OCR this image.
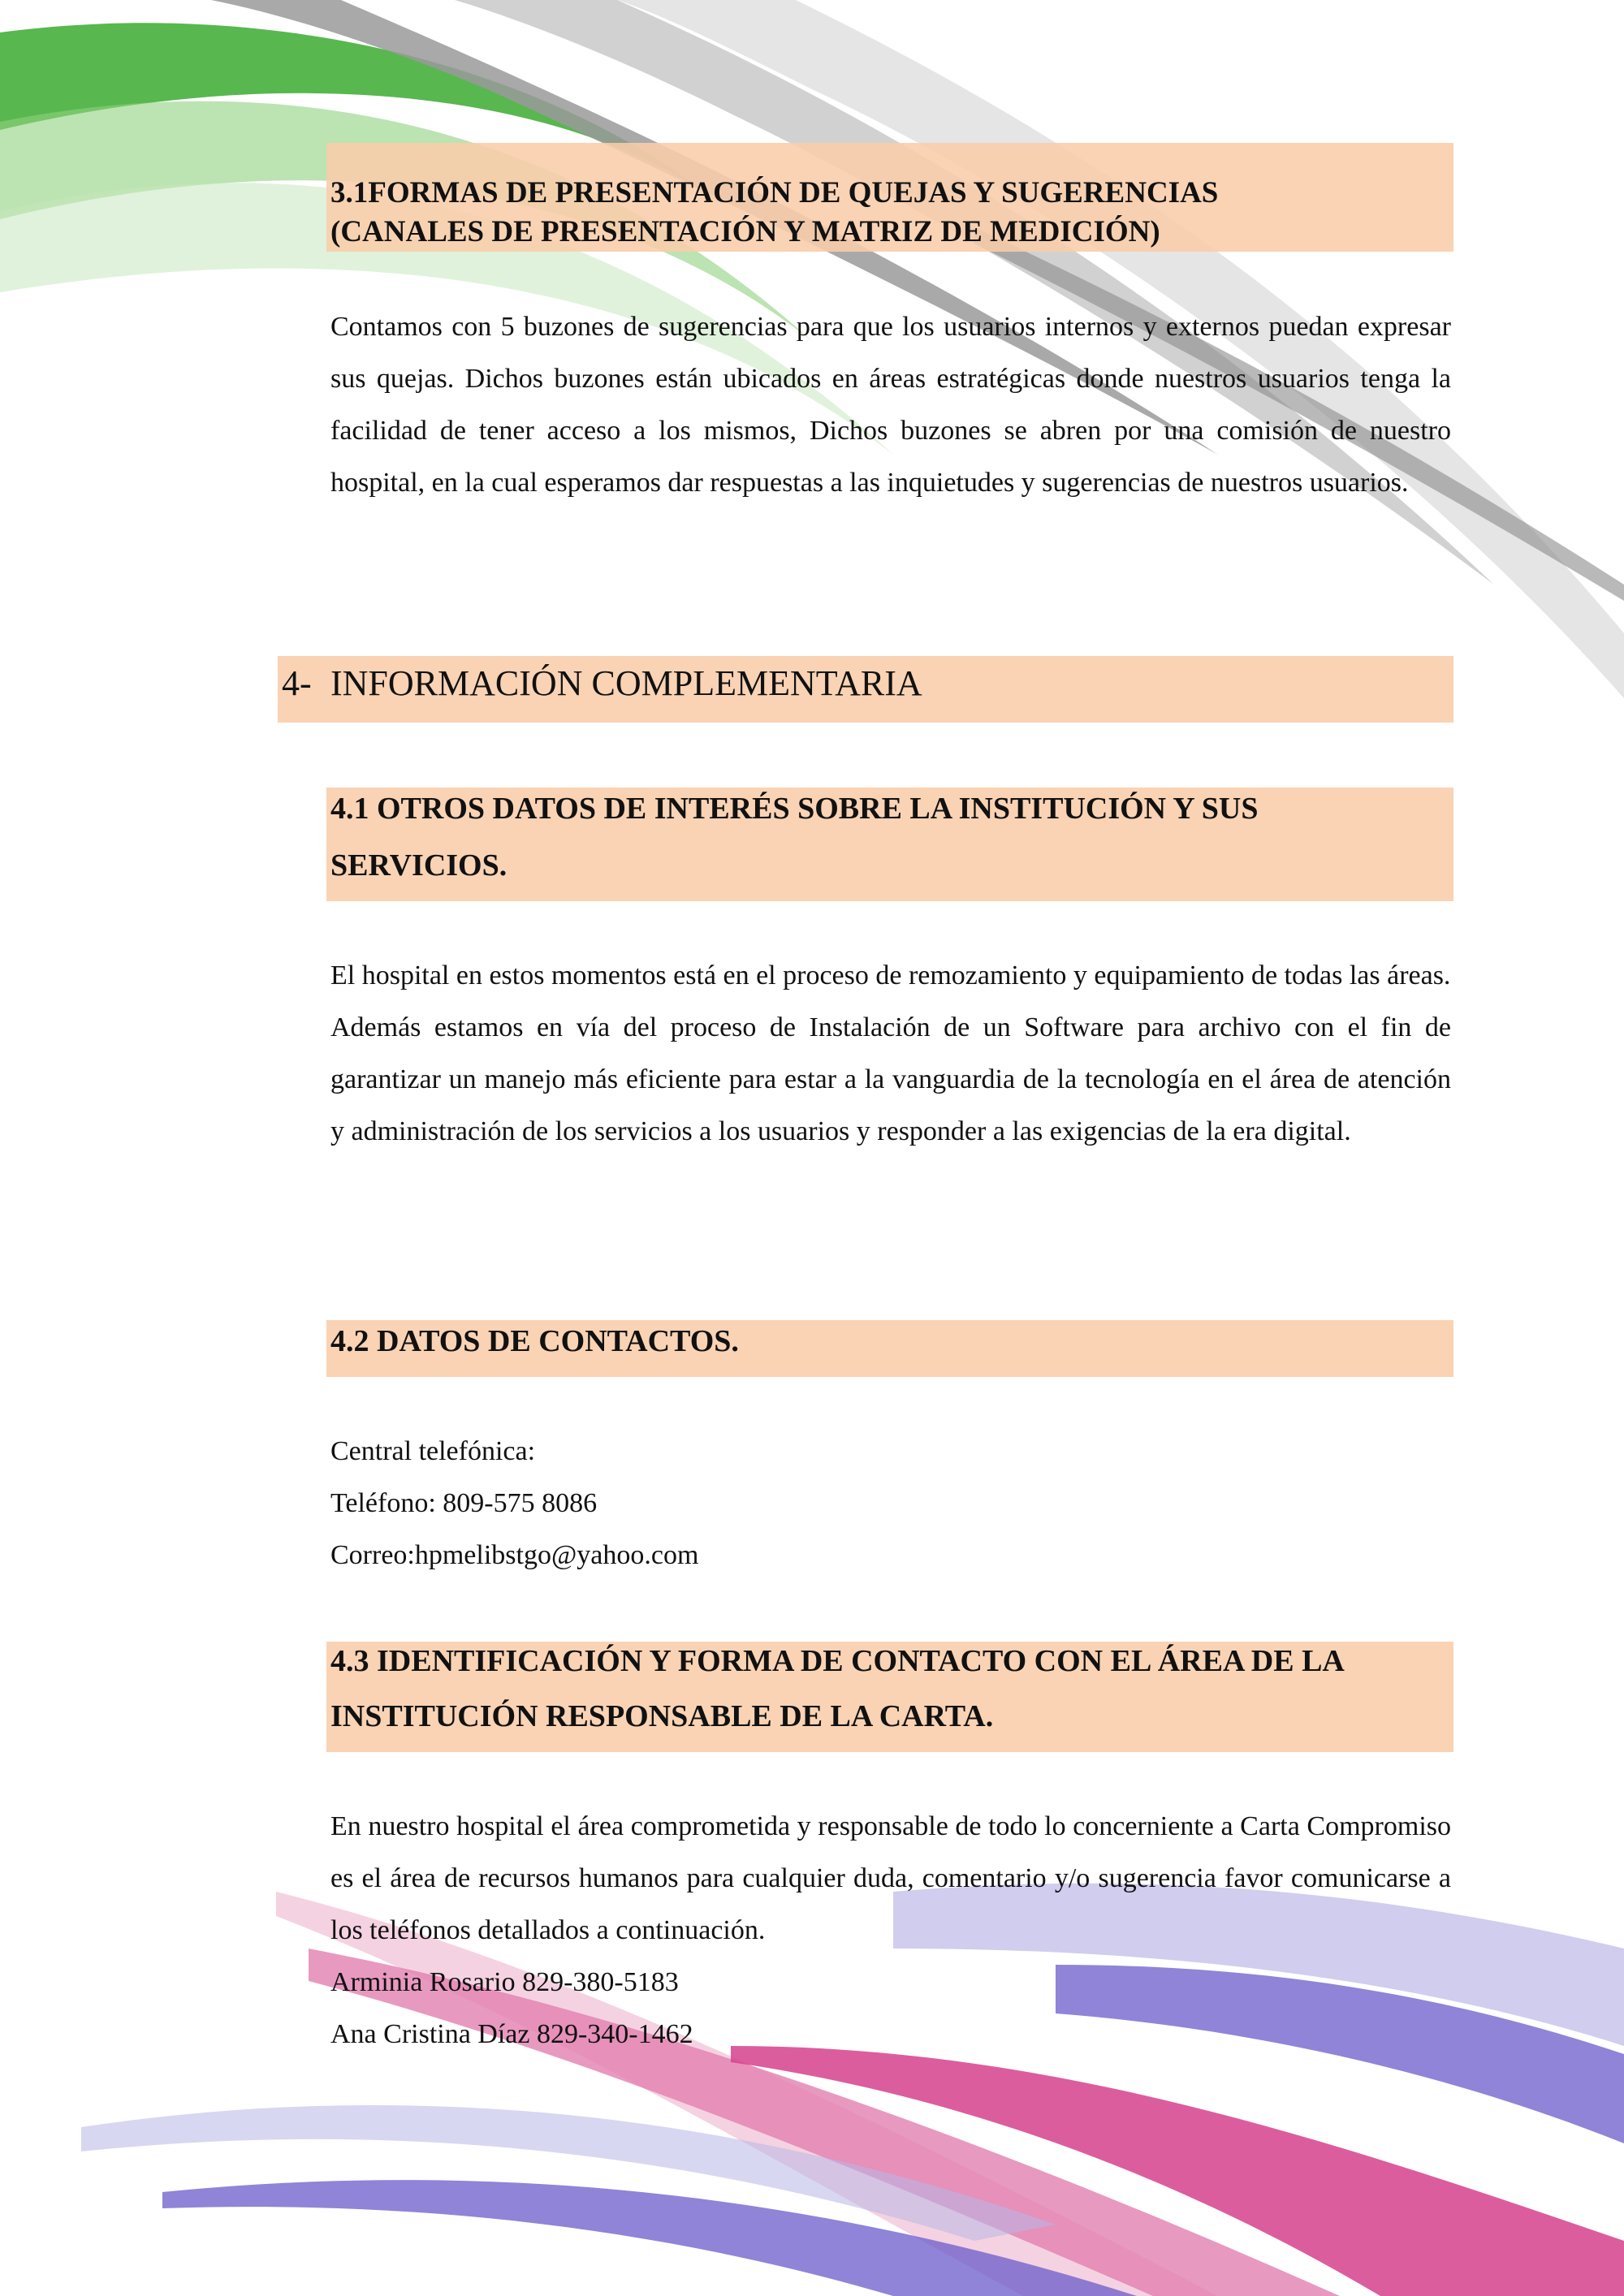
3.1FORMAS DE PRESENTACIÓN DE QUEJAS Y SUGERENCIAS
(CANALES DE PRESENTACIÓN Y MATRIZ DE MEDICIÓN)

Contamos con 5 buzones de sugerencias para que los usuarios internos y externos puedan expresar sus quejas. Dichos buzones están ubicados en áreas estratégicas donde nuestros usuarios tenga la facilidad de tener acceso a los mismos, Dichos buzones se abren por una comisión de nuestro hospital, en la cual esperamos dar respuestas a las inquietudes y sugerencias de nuestros usuarios.

4- INFORMACIÓN COMPLEMENTARIA
4.1 OTROS DATOS DE INTERÉS SOBRE LA INSTITUCIÓN Y SUS
SERVICIOS.

El hospital en estos momentos está en el proceso de remozamiento y equipamiento de todas las áreas.

Además estamos en vía del proceso de Instalación de un Software para archivo con el fin de garantizar un manejo más eficiente para estar a la vanguardia de la tecnología en el área de atención y administración de los servicios a los usuarios y responder a las exigencias de la era digital.

4.2 DATOS DE CONTACTOS.
Central telefónica:
Teléfono: 809-575 8086
Correo:hpmelibstgo@yahoo.com
4.3 IDENTIFICACIÓN Y FORMA DE CONTACTO CON EL ÁREA DE LA
INSTITUCIÓN RESPONSABLE DE LA CARTA.

En nuestro hospital el área comprometida y responsable de todo lo concerniente a Carta Compromiso es el área de recursos humanos para cualquier duda, comentario y/o sugerencia favor comunicarse a los teléfonos detallados a continuación.

Arminia Rosario 829-380-5183
Ana Cristina Díaz 829-340-1462
